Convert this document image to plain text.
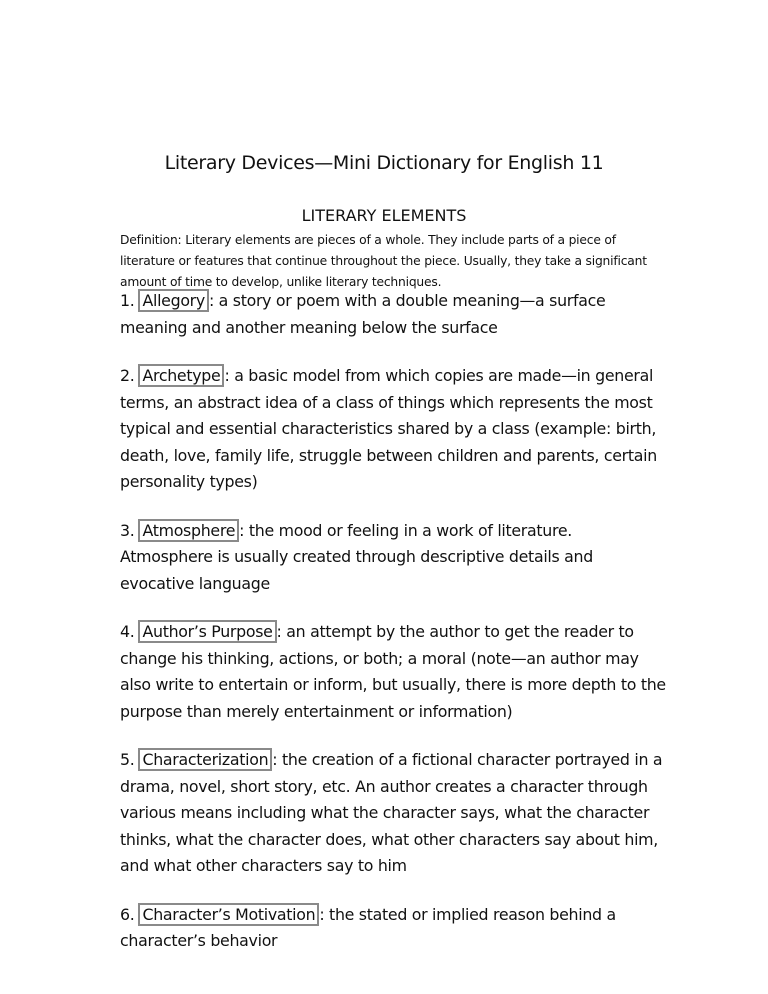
Literary Devices—Mini Dictionary for English 11
LITERARY ELEMENTS
Definition: Literary elements are pieces of a whole. They include parts of a piece of literature or features that continue throughout the piece. Usually, they take a significant amount of time to develop, unlike literary techniques.
1. Allegory : a story or poem with a double meaning—a surface meaning and another meaning below the surface
2. Archetype : a basic model from which copies are made—in general terms, an abstract idea of a class of things which represents the most typical and essential characteristics shared by a class (example: birth, death, love, family life, struggle between children and parents, certain personality types)
3. Atmosphere : the mood or feeling in a work of literature. Atmosphere is usually created through descriptive details and evocative language
4. Author’s Purpose : an attempt by the author to get the reader to change his thinking, actions, or both; a moral (note—an author may also write to entertain or inform, but usually, there is more depth to the purpose than merely entertainment or information)
5. Characterization : the creation of a fictional character portrayed in a drama, novel, short story, etc. An author creates a character through various means including what the character says, what the character thinks, what the character does, what other characters say about him, and what other characters say to him
6. Character’s Motivation : the stated or implied reason behind a character’s behavior
